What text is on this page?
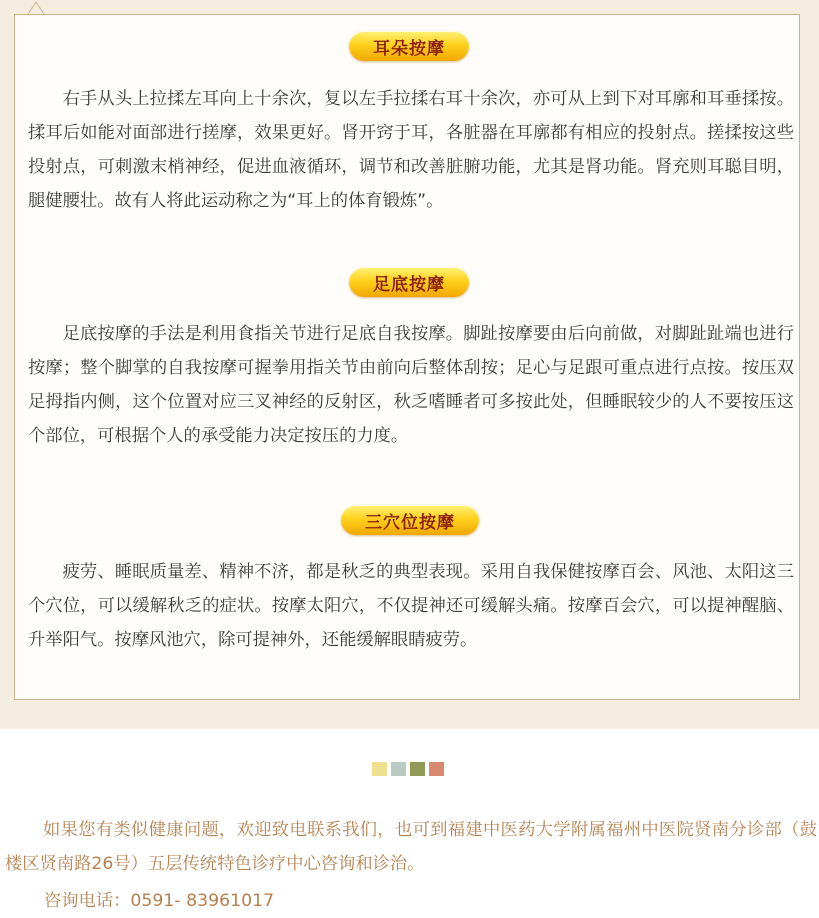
耳朵按摩

右手从头上拉揉左耳向上十余次，复以左手拉揉右耳十余次，亦可从上到下对耳廓和耳垂揉按。揉耳后如能对面部进行搓摩，效果更好。肾开窍于耳，各脏器在耳廓都有相应的投射点。搓揉按这些投射点，可刺激末梢神经，促进血液循环，调节和改善脏腑功能，尤其是肾功能。肾充则耳聪目明，腿健腰壮。故有人将此运动称之为“耳上的体育锻炼”。

足底按摩

足底按摩的手法是利用食指关节进行足底自我按摩。脚趾按摩要由后向前做，对脚趾趾端也进行按摩；整个脚掌的自我按摩可握拳用指关节由前向后整体刮按；足心与足跟可重点进行点按。按压双足拇指内侧，这个位置对应三叉神经的反射区，秋乏嗜睡者可多按此处，但睡眠较少的人不要按压这个部位，可根据个人的承受能力决定按压的力度。

三穴位按摩

疲劳、睡眠质量差、精神不济，都是秋乏的典型表现。采用自我保健按摩百会、风池、太阳这三个穴位，可以缓解秋乏的症状。按摩太阳穴，不仅提神还可缓解头痛。按摩百会穴，可以提神醒脑、升举阳气。按摩风池穴，除可提神外，还能缓解眼睛疲劳。

如果您有类似健康问题，欢迎致电联系我们，也可到福建中医药大学附属福州中医院贤南分诊部（鼓楼区贤南路26号）五层传统特色诊疗中心咨询和诊治。

咨询电话：0591- 83961017
